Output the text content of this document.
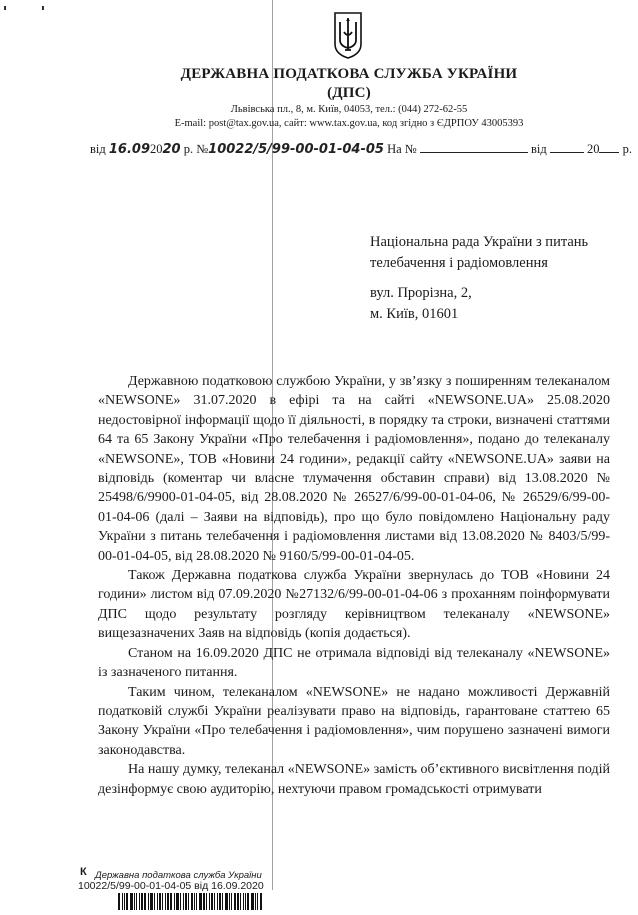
ДЕРЖАВНА ПОДАТКОВА СЛУЖБА УКРАЇНИ
(ДПС)
Львівська пл., 8, м. Київ, 04053, тел.: (044) 272-62-55
E-mail: post@tax.gov.ua, сайт: www.tax.gov.ua, код згідно з ЄДРПОУ 43005393
від 16.092020 р. №10022/5/99-00-01-04-05 На №	від	20 р.
Національна рада України з питань
телебачення і радіомовлення
вул. Прорізна, 2,
м. Київ, 01601

Державною податковою службою України, у зв’язку з поширенням телеканалом «NEWSONE» 31.07.2020 в ефірі та на сайті «NEWSONE.UA» 25.08.2020 недостовірної інформації щодо її діяльності, в порядку та строки, визначені статтями 64 та 65 Закону України «Про телебачення і радіомовлення», подано до телеканалу «NEWSONE», ТОВ «Новини 24 години», редакції сайту «NEWSONE.UA» заяви на відповідь (коментар чи власне тлумачення обставин справи) від 13.08.2020 № 25498/6/9900-01-04-05, від 28.08.2020 № 26527/6/99-00-01-04-06, № 26529/6/99-00-01-04-06 (далі – Заяви на відповідь), про що було повідомлено Національну раду України з питань телебачення і радіомовлення листами від 13.08.2020 № 8403/5/99-00-01-04-05, від 28.08.2020 № 9160/5/99-00-01-04-05.

Також Державна податкова служба України звернулась до ТОВ «Новини 24 години» листом від 07.09.2020 №27132/6/99-00-01-04-06 з проханням поінформувати ДПС щодо результату розгляду керівництвом телеканалу «NEWSONE» вищезазначених Заяв на відповідь (копія додається).

Станом на 16.09.2020 ДПС не отримала відповіді від телеканалу «NEWSONE» із зазначеного питання.

Таким чином, телеканалом «NEWSONE» не надано можливості Державній податковій службі України реалізувати право на відповідь, гарантоване статтею 65 Закону України «Про телебачення і радіомовлення», чим порушено зазначені вимоги законодавства.

На нашу думку, телеканал «NEWSONE» замість об’єктивного висвітлення подій дезінформує свою аудиторію, нехтуючи правом громадськості отримувати

К Державна податкова служба України
10022/5/99-00-01-04-05 від 16.09.2020
